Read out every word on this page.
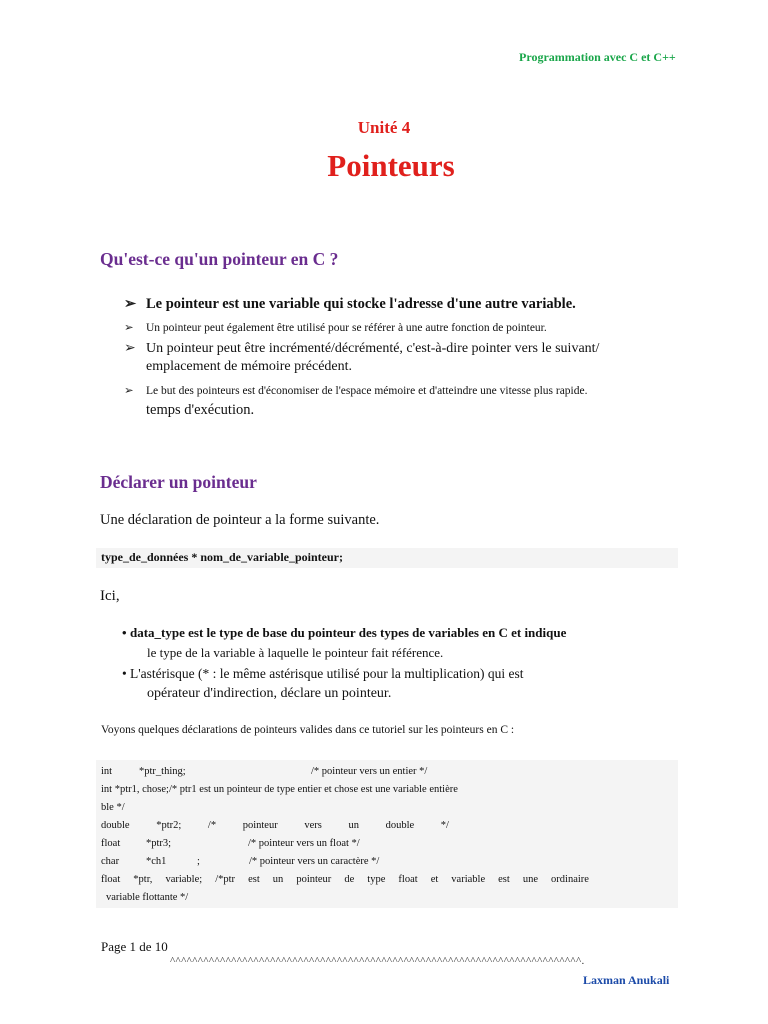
Programmation avec C et C++
Unité 4
Pointeurs
Qu'est-ce qu'un pointeur en C ?
➢ Le pointeur est une variable qui stocke l'adresse d'une autre variable.
➢ Un pointeur peut également être utilisé pour se référer à une autre fonction de pointeur.
➢ Un pointeur peut être incrémenté/décrémenté, c'est-à-dire pointer vers le suivant/
emplacement de mémoire précédent.
➢ Le but des pointeurs est d'économiser de l'espace mémoire et d'atteindre une vitesse plus rapide.
temps d'exécution.
Déclarer un pointeur
Une déclaration de pointeur a la forme suivante.
type_de_données * nom_de_variable_pointeur;
Ici,
• data_type est le type de base du pointeur des types de variables en C et indique
le type de la variable à laquelle le pointeur fait référence.
• L'astérisque (* : le même astérisque utilisé pour la multiplication) qui est
opérateur d'indirection, déclare un pointeur.
Voyons quelques déclarations de pointeurs valides dans ce tutoriel sur les pointeurs en C :
int	*ptr_thing;	/* pointeur vers un entier */
int *ptr1, chose;/* ptr1 est un pointeur de type entier et chose est une variable entière
ble */
double	*ptr2;	/*	pointeur	vers	un	double	*/
float *ptr3;	/* pointeur vers un float */
char	*ch1	;	/* pointeur vers un caractère */
float *ptr, variable; /*ptr est un pointeur de type float et variable est une ordinaire
variable flottante */
Page 1 de 10
^^^^^^^^^^^^^^^^^^^^^^^^^^^^^^^^^^^^^^^^^^^^^^^^^^^^^^^^^^^^^^^^^^^^^^^^^^.
Laxman Anukali
